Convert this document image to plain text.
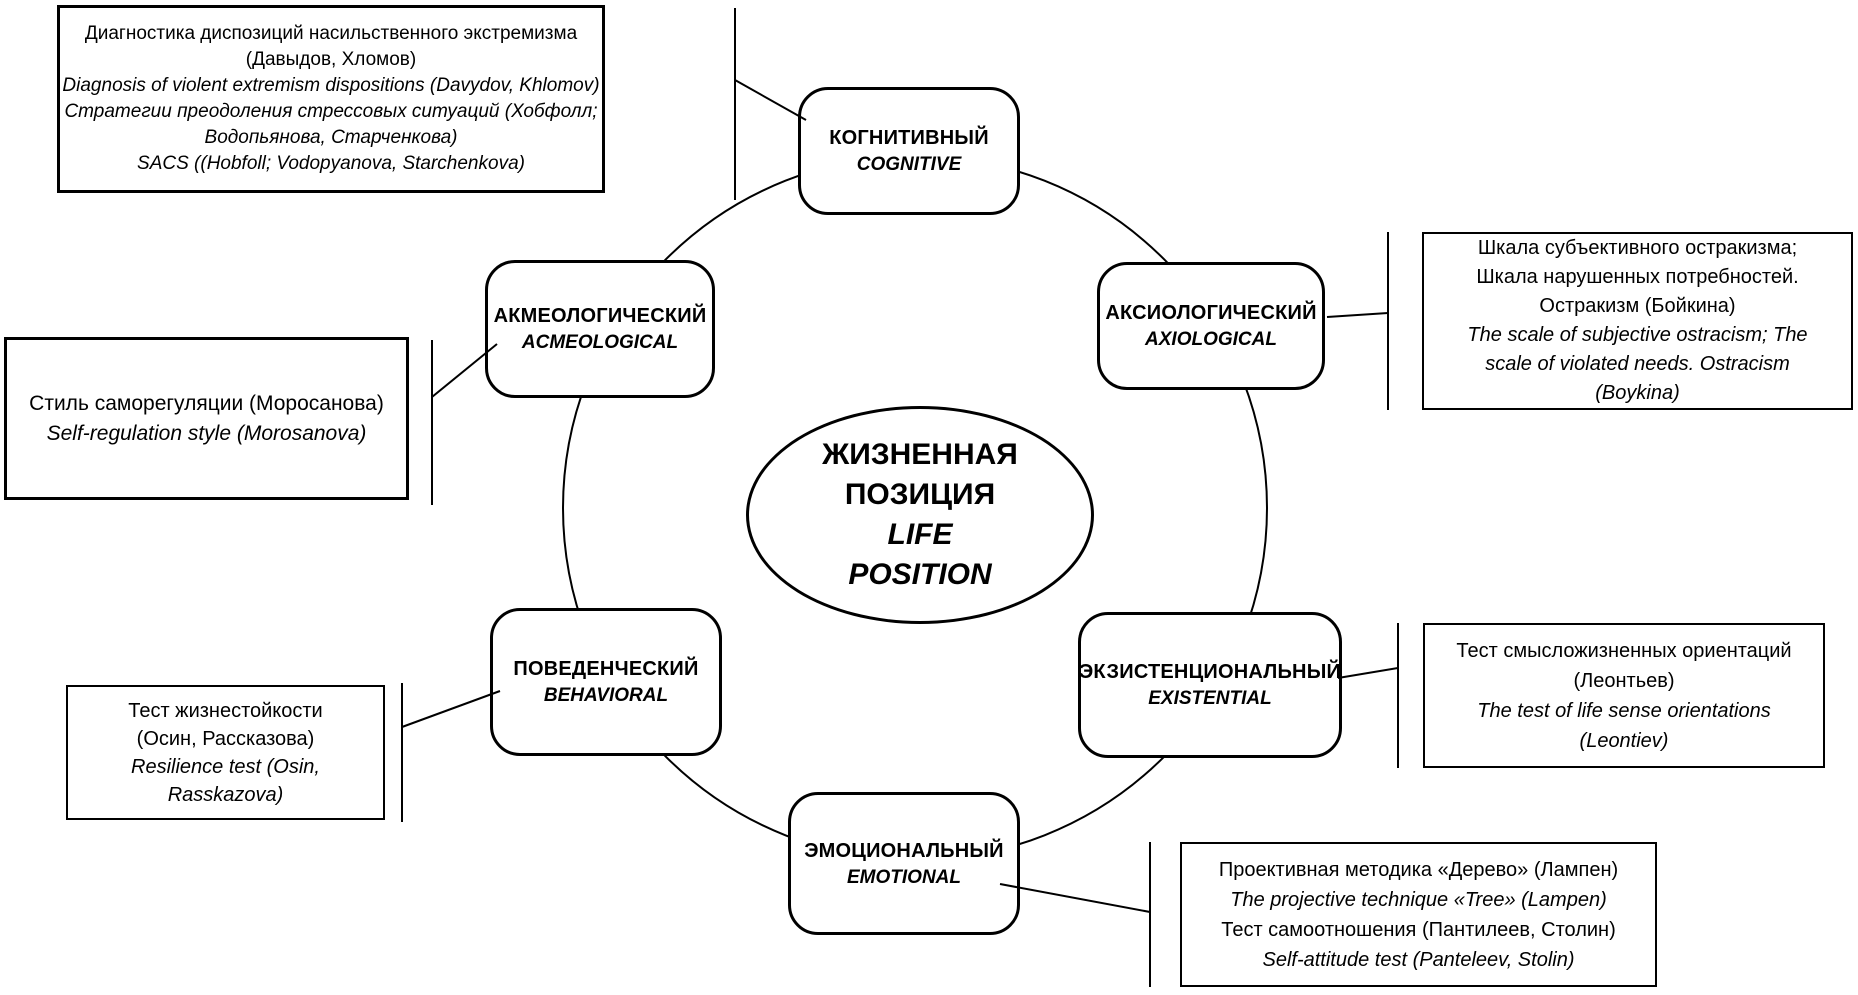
ЖИЗНЕННАЯ
ПОЗИЦИЯ
LIFE
POSITION
КОГНИТИВНЫЙ
COGNITIVE
АКМЕОЛОГИЧЕСКИЙ
ACMEOLOGICAL
АКСИОЛОГИЧЕСКИЙ
AXIOLOGICAL
ПОВЕДЕНЧЕСКИЙ
BEHAVIORAL
ЭКЗИСТЕНЦИОНАЛЬНЫЙ
EXISTENTIAL
ЭМОЦИОНАЛЬНЫЙ
EMOTIONAL
Диагностика диспозиций насильственного экстремизма
(Давыдов, Хломов)
Diagnosis of violent extremism dispositions (Davydov, Khlomov)
Стратегии преодоления стрессовых ситуаций (Хобфолл;
Водопьянова, Старченкова)
SACS ((Hobfoll; Vodopyanova, Starchenkova)
Стиль саморегуляции (Моросанова)
Self-regulation style (Morosanova)
Тест жизнестойкости
(Осин, Рассказова)
Resilience test (Osin,
Rasskazova)
Шкала субъективного остракизма;
Шкала нарушенных потребностей.
Остракизм (Бойкина)
The scale of subjective ostracism; The
scale of violated needs. Ostracism
(Boykina)
Тест смысложизненных ориентаций
(Леонтьев)
The test of life sense orientations
(Leontiev)
Проективная методика «Дерево» (Лампен)
The projective technique «Tree» (Lampen)
Тест самоотношения (Пантилеев, Столин)
Self-attitude test (Panteleev, Stolin)
